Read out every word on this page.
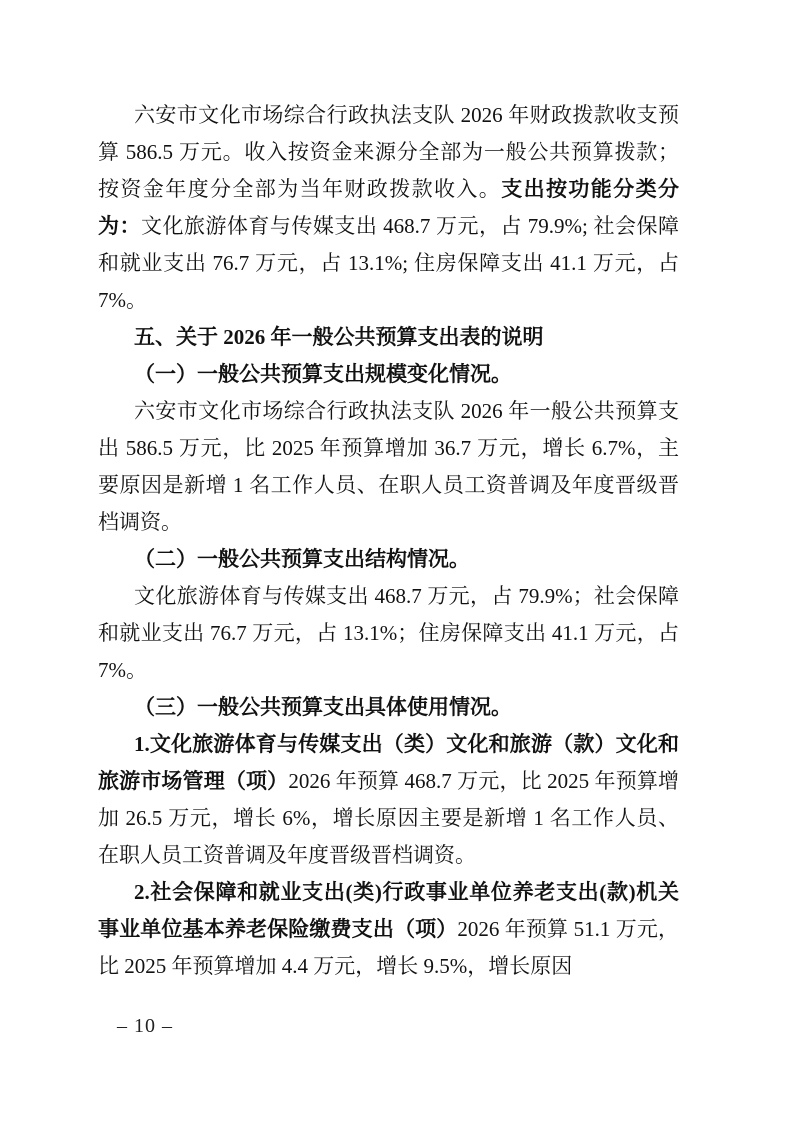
六安市文化市场综合行政执法支队 2026 年财政拨款收支预算 586.5 万元。收入按资金来源分全部为一般公共预算拨款；按资金年度分全部为当年财政拨款收入。支出按功能分类分为：文化旅游体育与传媒支出 468.7 万元，占 79.9%; 社会保障和就业支出 76.7 万元，占 13.1%; 住房保障支出 41.1 万元，占 7%。

五、关于 2026 年一般公共预算支出表的说明

（一）一般公共预算支出规模变化情况。

六安市文化市场综合行政执法支队 2026 年一般公共预算支出 586.5 万元，比 2025 年预算增加 36.7 万元，增长 6.7%，主要原因是新增 1 名工作人员、在职人员工资普调及年度晋级晋档调资。

（二）一般公共预算支出结构情况。

文化旅游体育与传媒支出 468.7 万元，占 79.9%；社会保障和就业支出 76.7 万元，占 13.1%；住房保障支出 41.1 万元，占 7%。

（三）一般公共预算支出具体使用情况。

1.文化旅游体育与传媒支出（类）文化和旅游（款）文化和旅游市场管理（项）2026 年预算 468.7 万元，比 2025 年预算增加 26.5 万元，增长 6%，增长原因主要是新增 1 名工作人员、在职人员工资普调及年度晋级晋档调资。

2.社会保障和就业支出(类)行政事业单位养老支出(款)机关事业单位基本养老保险缴费支出（项）2026 年预算 51.1 万元，比 2025 年预算增加 4.4 万元，增长 9.5%，增长原因

– 10 –
